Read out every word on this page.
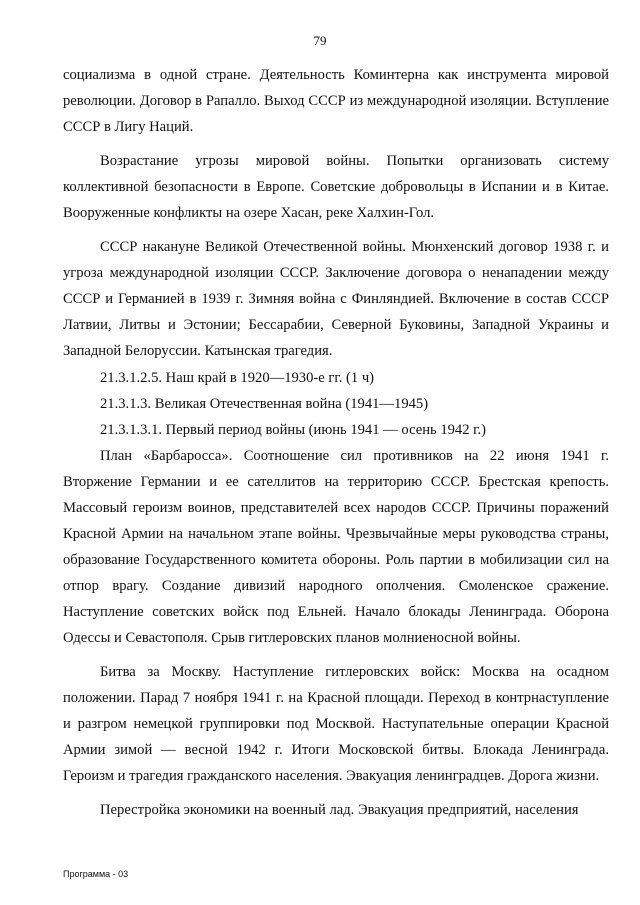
79

социализма в одной стране. Деятельность Коминтерна как инструмента мировой революции. Договор в Рапалло. Выход СССР из международной изоляции. Вступление СССР в Лигу Наций.

Возрастание угрозы мировой войны. Попытки организовать систему коллективной безопасности в Европе. Советские добровольцы в Испании и в Китае. Вооруженные конфликты на озере Хасан, реке Халхин-Гол.

СССР накануне Великой Отечественной войны. Мюнхенский договор 1938 г. и угроза международной изоляции СССР. Заключение договора о ненападении между СССР и Германией в 1939 г. Зимняя война с Финляндией. Включение в состав СССР Латвии, Литвы и Эстонии; Бессарабии, Северной Буковины, Западной Украины и Западной Белоруссии. Катынская трагедия.

21.3.1.2.5. Наш край в 1920—1930-е гг. (1 ч)

21.3.1.3. Великая Отечественная война (1941—1945)

21.3.1.3.1. Первый период войны (июнь 1941 — осень 1942 г.)

План «Барбаросса». Соотношение сил противников на 22 июня 1941 г. Вторжение Германии и ее сателлитов на территорию СССР. Брестская крепость. Массовый героизм воинов, представителей всех народов СССР. Причины поражений Красной Армии на начальном этапе войны. Чрезвычайные меры руководства страны, образование Государственного комитета обороны. Роль партии в мобилизации сил на отпор врагу. Создание дивизий народного ополчения. Смоленское сражение. Наступление советских войск под Ельней. Начало блокады Ленинграда. Оборона Одессы и Севастополя. Срыв гитлеровских планов молниеносной войны.

Битва за Москву. Наступление гитлеровских войск: Москва на осадном положении. Парад 7 ноября 1941 г. на Красной площади. Переход в контрнаступление и разгром немецкой группировки под Москвой. Наступательные операции Красной Армии зимой — весной 1942 г. Итоги Московской битвы. Блокада Ленинграда. Героизм и трагедия гражданского населения. Эвакуация ленинградцев. Дорога жизни.

Перестройка экономики на военный лад. Эвакуация предприятий, населения

Программа - 03
